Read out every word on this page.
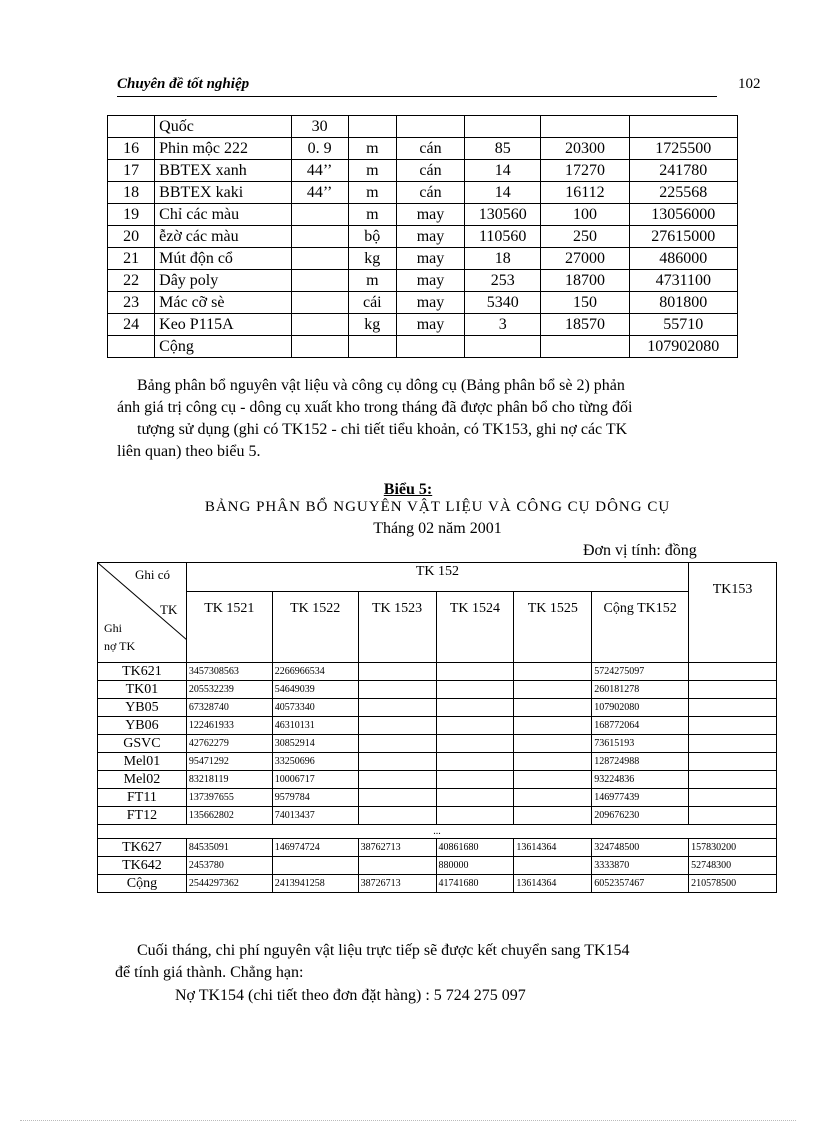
Chuyên đề tốt nghiệp	102
	Quốc	30					
16	Phin mộc 222	0. 9	m	cán	85	20300	1725500
17	BBTEX xanh	44’’	m	cán	14	17270	241780
18	BBTEX kaki	44’’	m	cán	14	16112	225568
19	Chỉ các màu		m	may	130560	100	13056000
20	ễzờ các màu		bộ	may	110560	250	27615000
21	Mút độn cổ		kg	may	18	27000	486000
22	Dây poly		m	may	253	18700	4731100
23	Mác cỡ sè		cái	may	5340	150	801800
24	Keo P115A		kg	may	3	18570	55710
	Cộng						107902080
Bảng phân bổ nguyên vật liệu và công cụ dông cụ (Bảng phân bổ sè 2) phản
ánh giá trị công cụ - dông cụ xuất kho trong tháng đã được phân bổ cho từng đối
tượng sử dụng (ghi có TK152 - chi tiết tiểu khoản, có TK153, ghi nợ các TK
liên quan) theo biểu 5.
Biểu 5:
BẢNG PHÂN BỔ NGUYÊN VẬT LIỆU VÀ CÔNG CỤ DÔNG CỤ
Tháng 02 năm 2001
Đơn vị tính: đồng
Ghi có
TK
Ghi
nợ TK	TK 152						TK153
	TK 1521	TK 1522	TK 1523	TK 1524	TK 1525	Cộng TK152	
TK621	3457308563	2266966534				5724275097	
TK01	205532239	54649039				260181278	
YB05	67328740	40573340				107902080	
YB06	122461933	46310131				168772064	
GSVC	42762279	30852914				73615193	
Mel01	95471292	33250696				128724988	
Mel02	83218119	10006717				93224836	
FT11	137397655	9579784				146977439	
FT12	135662802	74013437				209676230	
...							
TK627	84535091	146974724	38762713	40861680	13614364	324748500	157830200
TK642	2453780			880000		3333870	52748300
Cộng	2544297362	2413941258	38726713	41741680	13614364	6052357467	210578500
Cuối tháng, chi phí nguyên vật liệu trực tiếp sẽ được kết chuyển sang TK154
để tính giá thành. Chẳng hạn:
Nợ TK154 (chi tiết theo đơn đặt hàng) : 5 724 275 097
